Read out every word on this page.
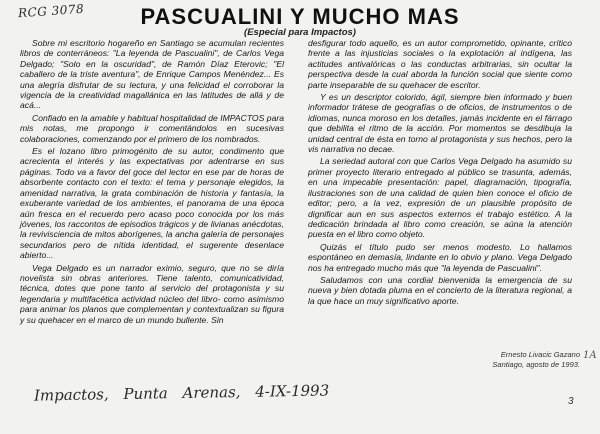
RCG 3078	PASCUALINI Y MUCHO MAS
(Especial para Impactos)

Sobre mi escritorio hogareño en Santiago se acumulan recientes libros de conterráneos: "La leyenda de Pascualini", de Carlos Vega Delgado; "Solo en la oscuridad", de Ramón Díaz Eterovic; "El caballero de la triste aventura", de Enrique Campos Menéndez... Es una alegría disfrutar de su lectura, y una felicidad el corroborar la vigencia de la creatividad magallánica en las latitudes de allá y de acá...

Confiado en la amable y habitual hospitalidad de IMPACTOS para mis notas, me propongo ir comentándolos en sucesivas colaboraciones, comenzando por el primero de los nombrados.

Es el lozano libro primogénito de su autor, condimento que acrecienta el interés y las expectativas por adentrarse en sus páginas. Todo va a favor del goce del lector en ese par de horas de absorbente contacto con el texto: el tema y personaje elegidos, la amenidad narrativa, la grata combinación de historia y fantasía, la exuberante variedad de los ambientes, el panorama de una época aún fresca en el recuerdo pero acaso poco conocida por los más jóvenes, los raccontos de episodios trágicos y de livianas anécdotas, la revivisciencia de mitos aborígenes, la ancha galería de personajes secundarios pero de nítida identidad, el sugerente desenlace abierto...

Vega Delgado es un narrador eximio, seguro, que no se diría novelista sin obras anteriores. Tiene talento, comunicatividad, técnica, dotes que pone tanto al servicio del protagonista y su legendaria y multifacética actividad núcleo del libro- como asimismo para animar los planos que complementan y contextualizan su figura y su quehacer en el marco de un mundo bullente. Sin

desfigurar todo aquello, es un autor comprometido, opinante, crítico frente a las injusticias sociales o la explotación al indígena, las actitudes antivalóricas o las conductas arbitrarias, sin ocultar la perspectiva desde la cual aborda la función social que siente como parte inseparable de su quehacer de escritor.

Y es un descriptor colorido, ágil, siempre bien informado y buen informador trátese de geografías o de oficios, de instrumentos o de idiomas, nunca moroso en los detalles, jamás incidente en el fárrago que debilita el ritmo de la acción. Por momentos se desdibuja la unidad central de ésta en torno al protagonista y sus hechos, pero la vis narrativa no decae.

La seriedad autoral con que Carlos Vega Delgado ha asumido su primer proyecto literario entregado al público se trasunta, además, en una impecable presentación: papel, diagramación, tipografía, ilustraciones son de una calidad de quien bien conoce el oficio de editor; pero, a la vez, expresión de un plausible propósito de dignificar aun en sus aspectos externos el trabajo estético. A la dedicación brindada al libro como creación, se aúna la atención puesta en el libro como objeto.

Quizás el título pudo ser menos modesto. Lo hallamos espontáneo en demasía, lindante en lo obvio y plano. Vega Delgado nos ha entregado mucho más que "la leyenda de Pascualini".

Saludamos con una cordial bienvenida la emergencia de su nueva y bien dotada pluma en el concierto de la literatura regional, a la que hace un muy significativo aporte.

Ernesto Livacic Gazano
Santiago, agosto de 1993.
1A
Impactos, Punta Arenas, 4-IX-1993	3
